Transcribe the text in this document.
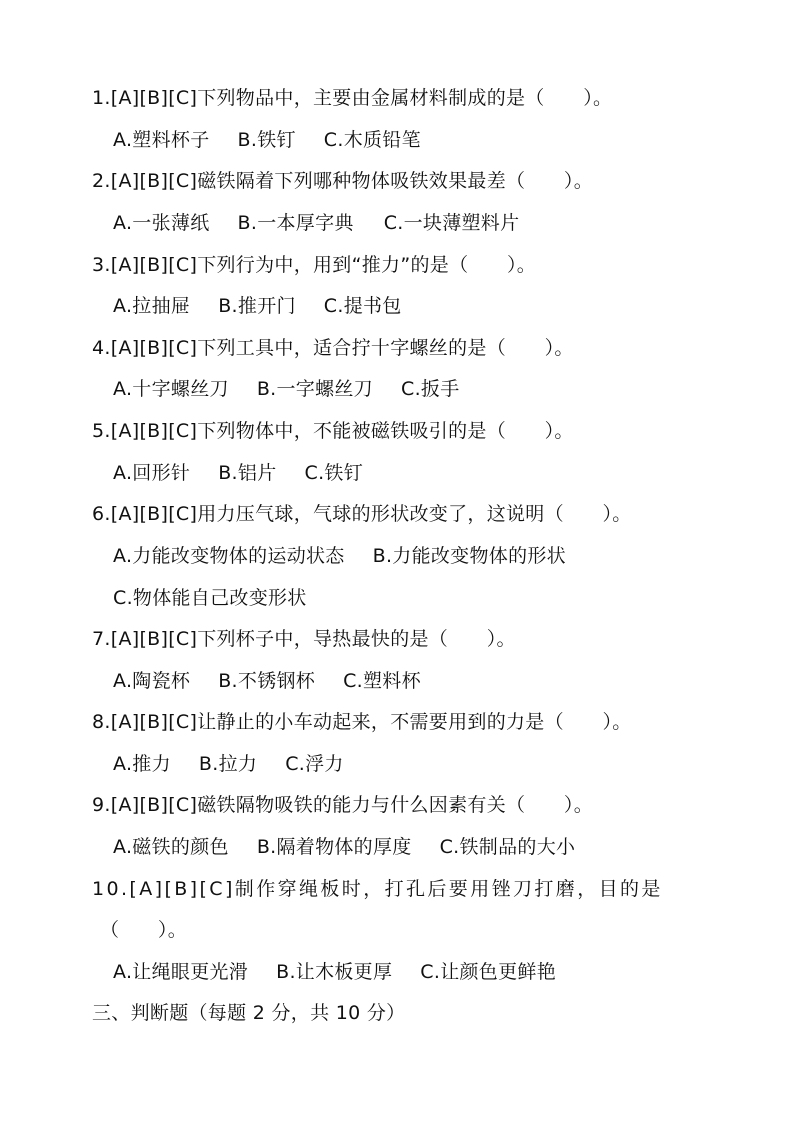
1.[A][B][C]下列物品中，主要由金属材料制成的是（　　）。
A.塑料杯子 B.铁钉 C.木质铅笔
2.[A][B][C]磁铁隔着下列哪种物体吸铁效果最差（　　）。
A.一张薄纸 B.一本厚字典 C.一块薄塑料片
3.[A][B][C]下列行为中，用到“推力”的是（　　）。
A.拉抽屉 B.推开门 C.提书包
4.[A][B][C]下列工具中，适合拧十字螺丝的是（　　）。
A.十字螺丝刀 B.一字螺丝刀 C.扳手
5.[A][B][C]下列物体中，不能被磁铁吸引的是（　　）。
A.回形针 B.铝片 C.铁钉
6.[A][B][C]用力压气球，气球的形状改变了，这说明（　　）。
A.力能改变物体的运动状态 B.力能改变物体的形状
C.物体能自己改变形状
7.[A][B][C]下列杯子中，导热最快的是（　　）。
A.陶瓷杯 B.不锈钢杯 C.塑料杯
8.[A][B][C]让静止的小车动起来，不需要用到的力是（　　）。
A.推力 B.拉力 C.浮力
9.[A][B][C]磁铁隔物吸铁的能力与什么因素有关（　　）。
A.磁铁的颜色 B.隔着物体的厚度 C.铁制品的大小
10.[A][B][C]制作穿绳板时，打孔后要用锉刀打磨，目的是
（　　）。
A.让绳眼更光滑 B.让木板更厚 C.让颜色更鲜艳
三、判断题（每题 2 分，共 10 分）
